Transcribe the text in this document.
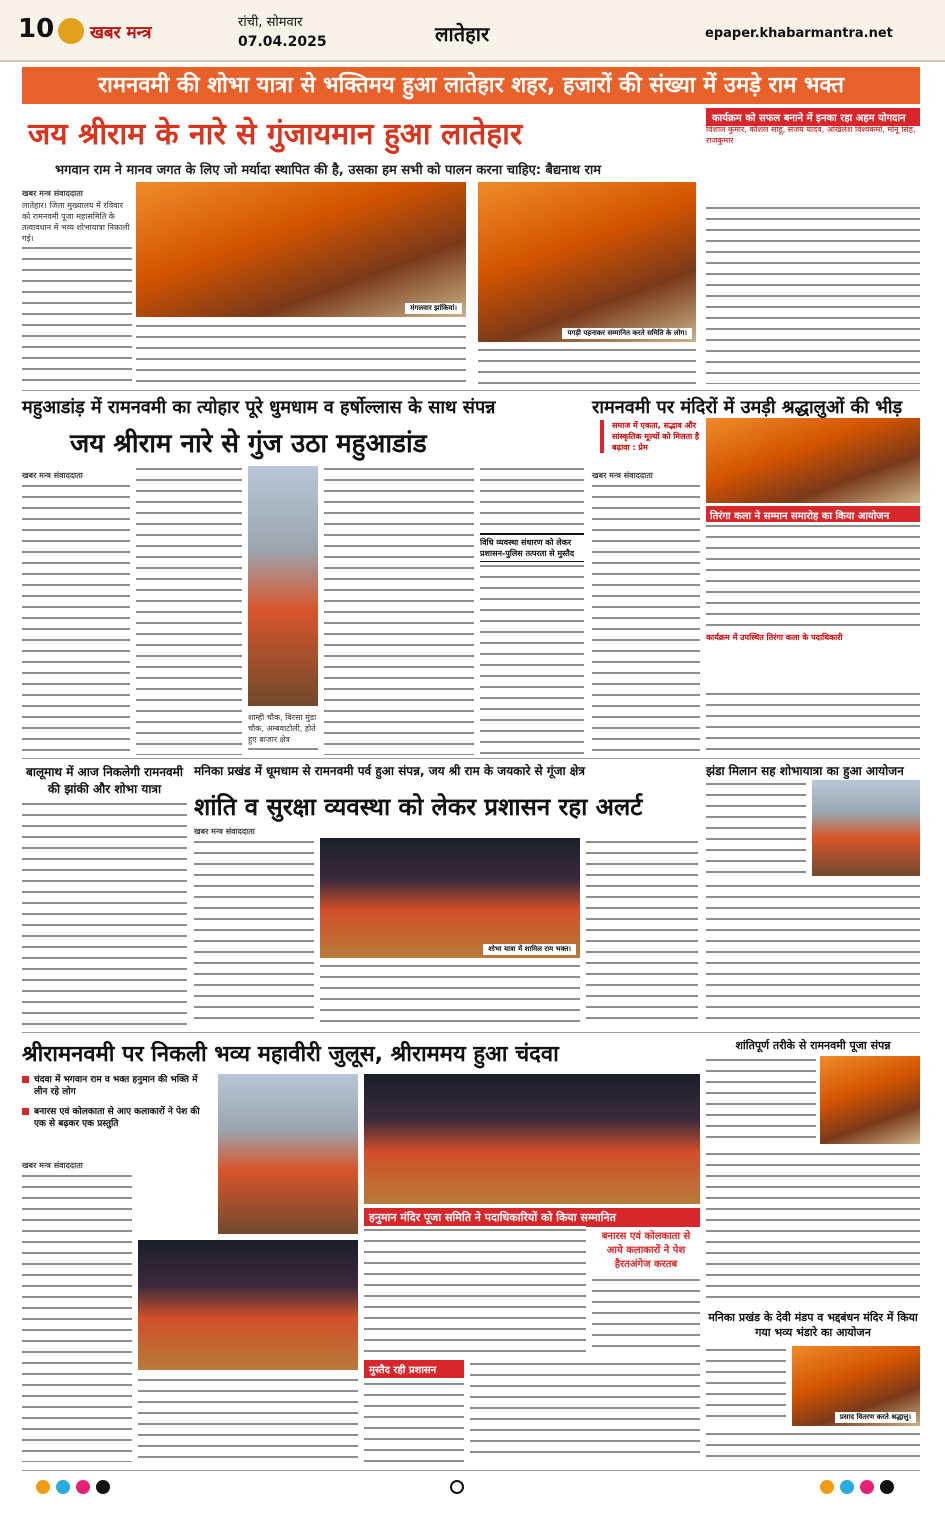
10 खबर मन्त्र
रांची, सोमवार
07.04.2025	लातेहार	epaper.khabarmantra.net
रामनवमी की शोभा यात्रा से भक्तिमय हुआ लातेहार शहर, हजारों की संख्या में उमड़े राम भक्त
जय श्रीराम के नारे से गुंजायमान हुआ लातेहार
भगवान राम ने मानव जगत के लिए जो मर्यादा स्थापित की है, उसका हम सभी को पालन करना चाहिए: बैद्यनाथ राम
खबर मन्त्र संवाददाता
लातेहार। जिला मुख्यालय में रविवार को रामनवमी पूजा महासमिति के तत्वावधान में भव्य शोभायात्रा निकाली गई।
मंगलवार झांकियां।
पगड़ी पहनाकर सम्मानित करते समिति के लोग।
कार्यक्रम को सफल बनाने में इनका रहा अहम योगदान
विशाल कुमार, कौशल साहू, संजय यादव, अखिलेश विश्वकर्मा, मोनू सिंह, राजकुमार
महुआडांड़ में रामनवमी का त्योहार पूरे धुमधाम व हर्षोल्लास के साथ संपन्न
जय श्रीराम नारे से गुंज उठा महुआडांड
खबर मन्त्र संवाददाता
शाम्ही चौक, बिरसा मुंडा चौक, अम्बवाटोली, होते हुए बाजार क्षेत्र
विधि व्यवस्था संधारण को लेकर प्रशासन-पुलिस तत्परता से मुस्तैद
रामनवमी पर मंदिरों में उमड़ी श्रद्धालुओं की भीड़
समाज में एकता, सद्भाव और सांस्कृतिक मूल्यों को मिलता है बढ़ावा : प्रेम
खबर मन्त्र संवाददाता
तिरंगा कला ने सम्मान समारोह का किया आयोजन
कार्यक्रम में उपस्थित तिरंगा कला के पदाधिकारी
बालूमाथ में आज निकलेगी रामनवमी की झांकी और शोभा यात्रा
मनिका प्रखंड में धूमधाम से रामनवमी पर्व हुआ संपन्न, जय श्री राम के जयकारे से गूंजा क्षेत्र
शांति व सुरक्षा व्यवस्था को लेकर प्रशासन रहा अलर्ट
खबर मन्त्र संवाददाता
शोभा यात्रा में शामिल राम भक्त।
झंडा मिलान सह शोभायात्रा का हुआ आयोजन
शांतिपूर्ण तरीके से रामनवमी पूजा संपन्न
श्रीरामनवमी पर निकली भव्य महावीरी जुलूस, श्रीराममय हुआ चंदवा
चंदवा में भगवान राम व भक्त हनुमान की भक्ति में लीन रहे लोग
बनारस एवं कोलकाता से आए कलाकारों ने पेश की एक से बढ़कर एक प्रस्तुति
खबर मन्त्र संवाददाता
हनुमान मंदिर पूजा समिति ने पदाधिकारियों को किया सम्मानित
बनारस एवं कोलकाता से आये कलाकारों ने पेश हैरतअंगेज करतब
मुस्तैद रही प्रशासन
मनिका प्रखंड के देवी मंडप व भद्दबंधन मंदिर में किया गया भव्य भंडारे का आयोजन
प्रसाद वितरण करते श्रद्धालु।
